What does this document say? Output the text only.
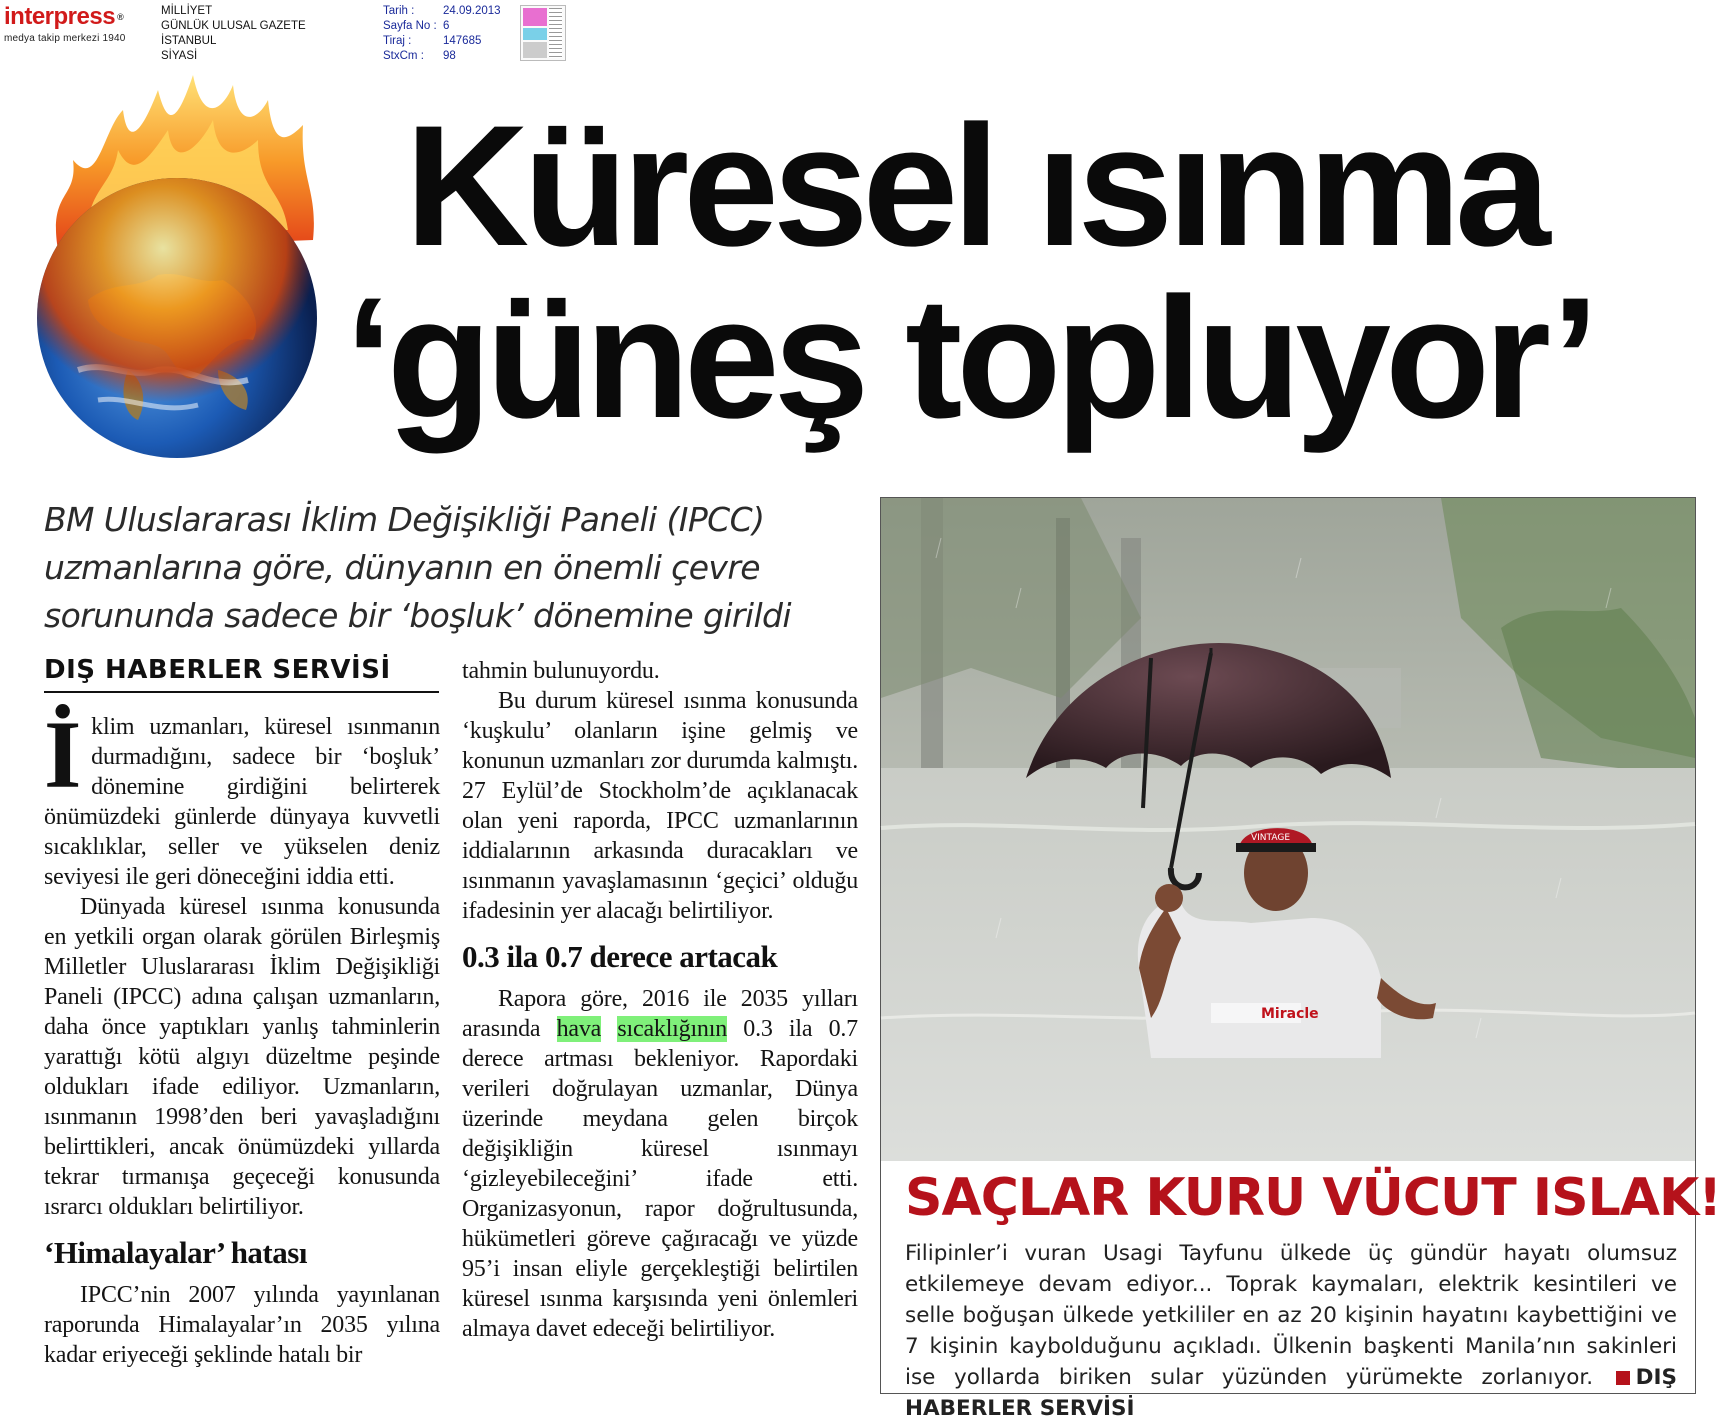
interpress ®
medya takip merkezi 1940
MİLLİYET
GÜNLÜK ULUSAL GAZETE
İSTANBUL
SİYASİ
Tarih :	24.09.2013
Sayfa No : 6
Tiraj :	147685
StxCm :	98
Küresel ısınma
‘güneş topluyor’
BM Uluslararası İklim Değişikliği Paneli (IPCC) uzmanlarına göre, dünyanın en önemli çevre sorununda sadece bir ‘boşluk’ dönemine girildi
DIŞ HABERLER SERVİSİ

İklim uzmanları, küresel ısınmanın durmadığını, sadece bir ‘boşluk’ dönemine girdiğini belirterek önümüzdeki günlerde dünyaya kuvvetli sıcaklıklar, seller ve yükselen deniz seviyesi ile geri döneceğini iddia etti.

Dünyada küresel ısınma konusunda en yetkili organ olarak görülen Birleşmiş Milletler Uluslararası İklim Değişikliği Paneli (IPCC) adına çalışan uzmanların, daha önce yaptıkları yanlış tahminlerin yarattığı kötü algıyı düzeltme peşinde oldukları ifade ediliyor. Uzmanların, ısınmanın 1998’den beri yavaşladığını belirttikleri, ancak önümüzdeki yıllarda tekrar tırmanışa geçeceği konusunda ısrarcı oldukları belirtiliyor.

‘Himalayalar’ hatası

IPCC’nin 2007 yılında yayınlanan raporunda Himalayalar’ın 2035 yılına kadar eriyeceği şeklinde hatalı bir

tahmin bulunuyordu.

Bu durum küresel ısınma konusunda ‘kuşkulu’ olanların işine gelmiş ve konunun uzmanları zor durumda kalmıştı. 27 Eylül’de Stockholm’de açıklanacak olan yeni raporda, IPCC uzmanlarının iddialarının arkasında duracakları ve ısınmanın yavaşlamasının ‘geçici’ olduğu ifadesinin yer alacağı belirtiliyor.

0.3 ila 0.7 derece artacak

Rapora göre, 2016 ile 2035 yılları arasında hava sıcaklığının 0.3 ila 0.7 derece artması bekleniyor. Rapordaki verileri doğrulayan uzmanlar, Dünya üzerinde meydana gelen birçok değişikliğin küresel ısınmayı ‘gizleyebileceğini’ ifade etti. Organizasyonun, rapor doğrultusunda, hükümetleri göreve çağıracağı ve yüzde 95’i insan eliyle gerçekleştiği belirtilen küresel ısınma karşısında yeni önlemleri almaya davet edeceği belirtiliyor.

VINTAGE
Miracle
SAÇLAR KURU VÜCUT ISLAK!
Filipinler’i vuran Usagi Tayfunu ülkede üç gündür hayatı olumsuz etkilemeye devam ediyor... Toprak kaymaları, elektrik kesintileri ve selle boğuşan ülkede yetkililer en az 20 kişinin hayatını kaybettiğini ve 7 kişinin kaybolduğunu açıkladı. Ülkenin başkenti Manila’nın sakinleri ise yollarda biriken sular yüzünden yürümekte zorlanıyor. DIŞ HABERLER SERVİSİ
